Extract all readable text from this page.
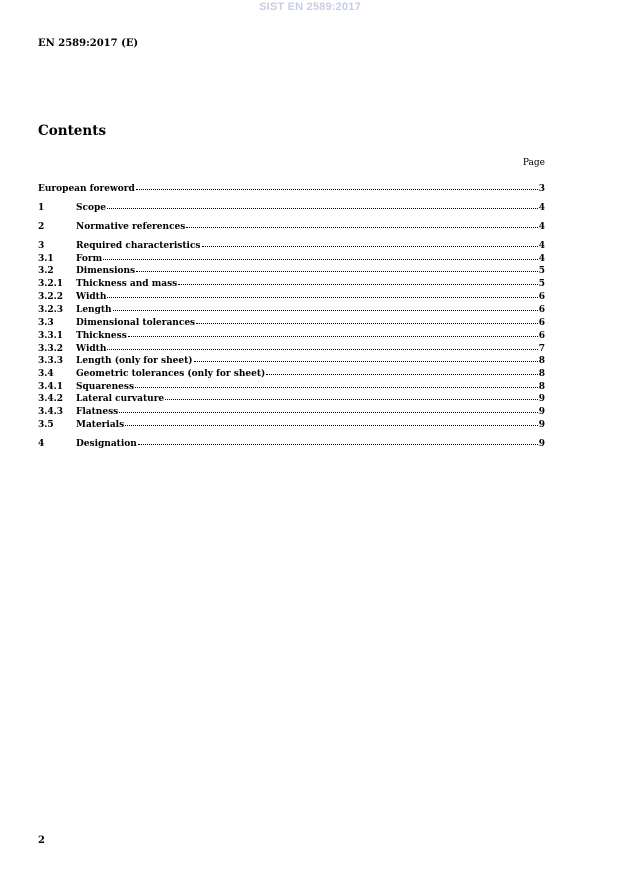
SIST EN 2589:2017
EN 2589:2017 (E)
Contents
Page
European foreword	3
1	Scope	4
2	Normative references	4
3	Required characteristics	4
3.1	Form	4
3.2	Dimensions	5
3.2.1	Thickness and mass	5
3.2.2	Width	6
3.2.3	Length	6
3.3	Dimensional tolerances	6
3.3.1	Thickness	6
3.3.2	Width	7
3.3.3	Length (only for sheet)	8
3.4	Geometric tolerances (only for sheet)	8
3.4.1	Squareness	8
3.4.2	Lateral curvature	9
3.4.3	Flatness	9
3.5	Materials	9
4	Designation	9
2
